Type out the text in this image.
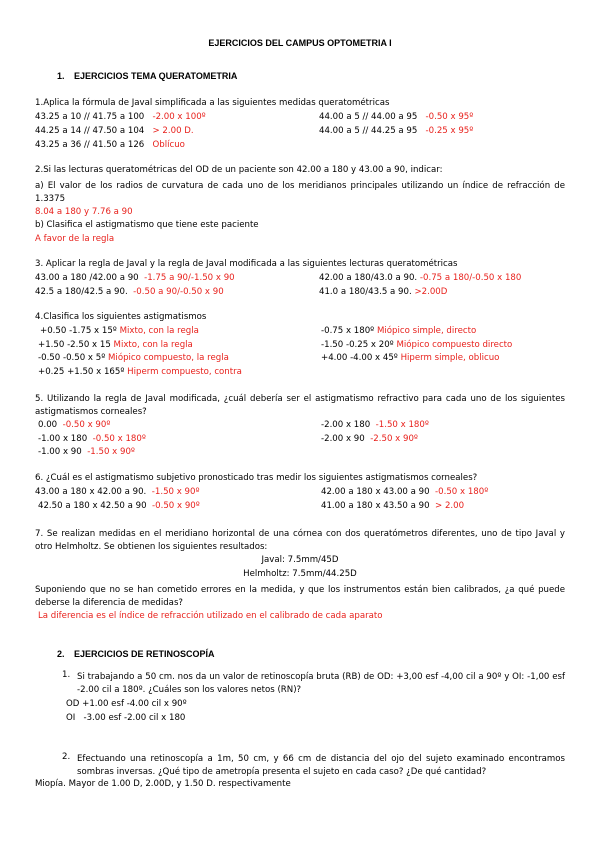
EJERCICIOS DEL CAMPUS OPTOMETRIA I
1. EJERCICIOS TEMA QUERATOMETRIA
1.Aplica la fórmula de Javal simplificada a las siguientes medidas queratométricas
43.25 a 10 // 41.75 a 100 -2.00 x 100º
44.25 a 14 // 47.50 a 104 > 2.00 D.
43.25 a 36 // 41.50 a 126 Oblícuo
44.00 a 5 // 44.00 a 95 -0.50 x 95º
44.00 a 5 // 44.25 a 95 -0.25 x 95º
2.Si las lecturas queratométricas del OD de un paciente son 42.00 a 180 y 43.00 a 90, indicar:
a) El valor de los radios de curvatura de cada uno de los meridianos principales utilizando un índice de refracción de 1.3375
8.04 a 180 y 7.76 a 90
b) Clasifica el astigmatismo que tiene este paciente
A favor de la regla
3. Aplicar la regla de Javal y la regla de Javal modificada a las siguientes lecturas queratométricas
43.00 a 180 /42.00 a 90 -1.75 a 90/-1.50 x 90
42.5 a 180/42.5 a 90. -0.50 a 90/-0.50 x 90
42.00 a 180/43.0 a 90. -0.75 a 180/-0.50 x 180
41.0 a 180/43.5 a 90. >2.00D
4.Clasifica los siguientes astigmatismos
+0.50 -1.75 x 15º Mixto, con la regla
+1.50 -2.50 x 15 Mixto, con la regla
-0.50 -0.50 x 5º Miópico compuesto, la regla
+0.25 +1.50 x 165º Hiperm compuesto, contra
-0.75 x 180º Miópico simple, directo
-1.50 -0.25 x 20º Miópico compuesto directo
+4.00 -4.00 x 45º Hiperm simple, oblicuo
5. Utilizando la regla de Javal modificada, ¿cuál debería ser el astigmatismo refractivo para cada uno de los siguientes astigmatismos corneales?
0.00 -0.50 x 90º
-1.00 x 180 -0.50 x 180º
-1.00 x 90 -1.50 x 90º
-2.00 x 180 -1.50 x 180º
-2.00 x 90 -2.50 x 90º
6. ¿Cuál es el astigmatismo subjetivo pronosticado tras medir los siguientes astigmatismos corneales?
43.00 a 180 x 42.00 a 90. -1.50 x 90º
42.50 a 180 x 42.50 a 90 -0.50 x 90º
42.00 a 180 x 43.00 a 90 -0.50 x 180º
41.00 a 180 x 43.50 a 90 > 2.00
7. Se realizan medidas en el meridiano horizontal de una córnea con dos queratómetros diferentes, uno de tipo Javal y otro Helmholtz. Se obtienen los siguientes resultados:
Javal: 7.5mm/45D
Helmholtz: 7.5mm/44.25D
Suponiendo que no se han cometido errores en la medida, y que los instrumentos están bien calibrados, ¿a qué puede deberse la diferencia de medidas?
La diferencia es el índice de refracción utilizado en el calibrado de cada aparato
2. EJERCICIOS DE RETINOSCOPÍA
1. Si trabajando a 50 cm. nos da un valor de retinoscopía bruta (RB) de OD: +3,00 esf -4,00 cil a 90º y OI: -1,00 esf -2.00 cil a 180º. ¿Cuáles son los valores netos (RN)?
OD +1.00 esf -4.00 cil x 90º
OI   -3.00 esf -2.00 cil x 180
2. Efectuando una retinoscopía a 1m, 50 cm, y 66 cm de distancia del ojo del sujeto examinado encontramos sombras inversas. ¿Qué tipo de ametropía presenta el sujeto en cada caso? ¿De qué cantidad?
Miopía. Mayor de 1.00 D, 2.00D, y 1.50 D. respectivamente
